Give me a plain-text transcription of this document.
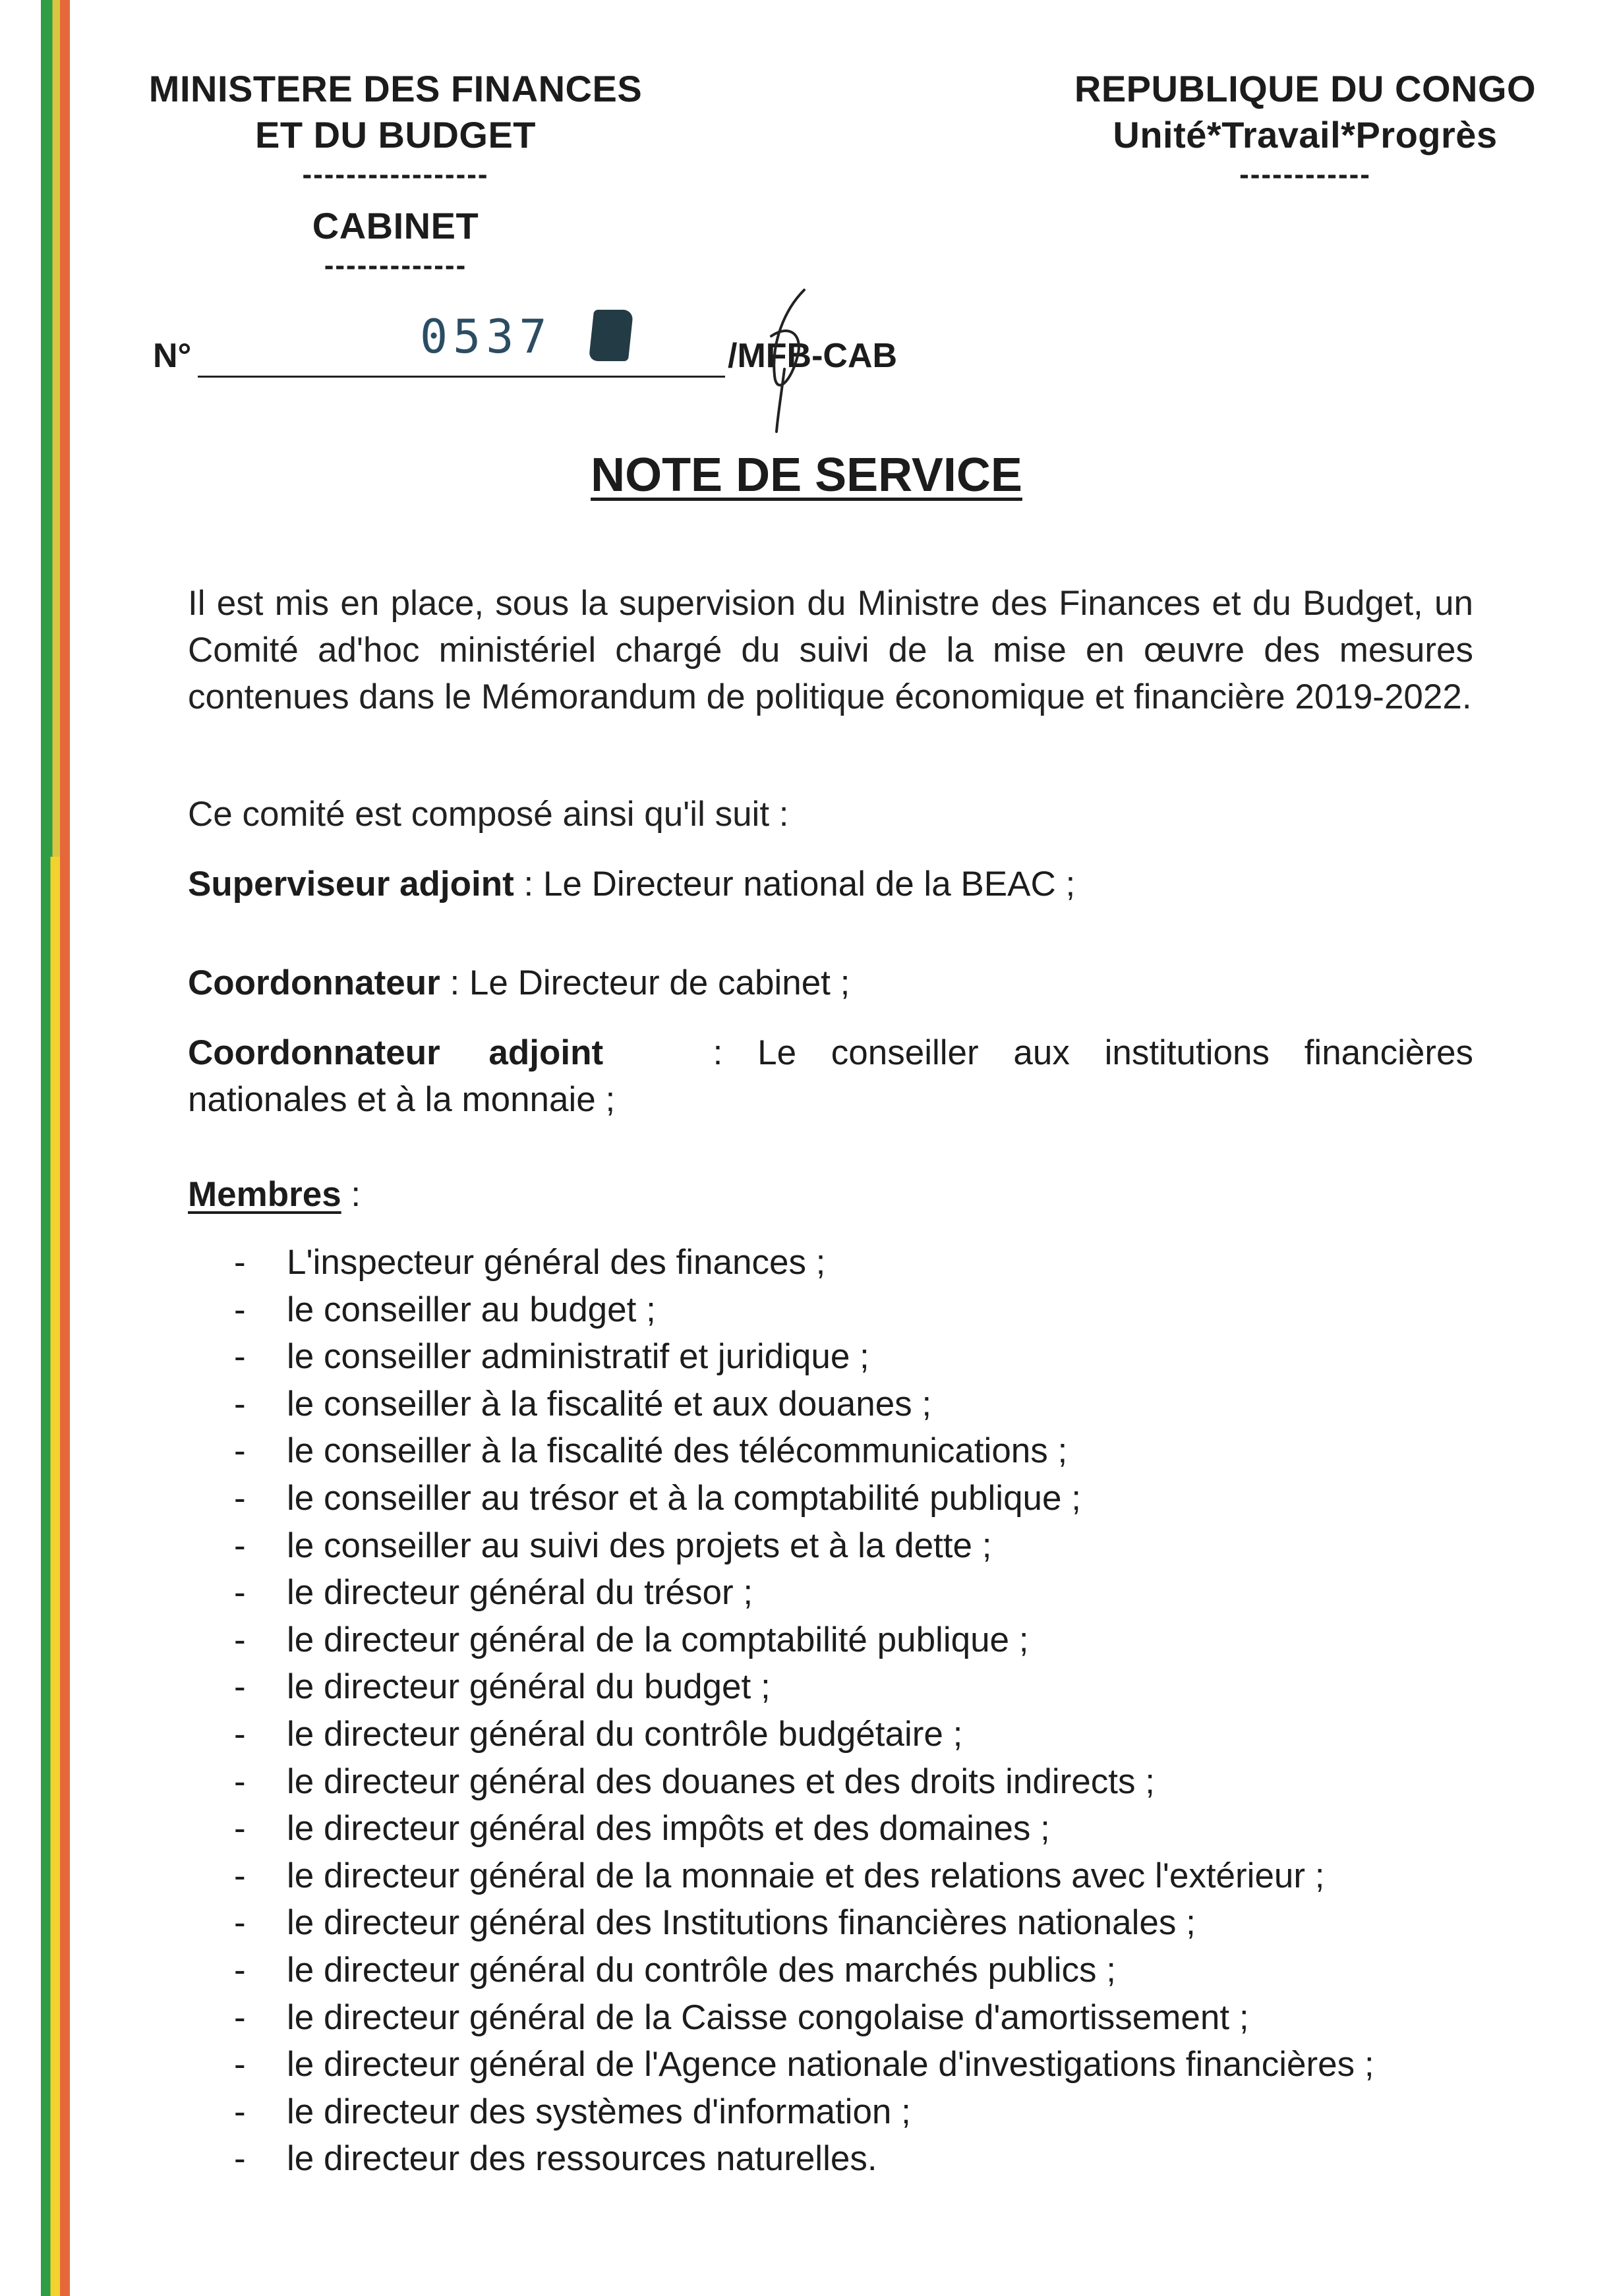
MINISTERE DES FINANCES
ET DU BUDGET
-----------------
CABINET
-------------
REPUBLIQUE DU CONGO
Unité*Travail*Progrès
------------
N°	0537	/MFB-CAB
NOTE DE SERVICE
Il est mis en place, sous la supervision du Ministre des Finances et du Budget, un Comité ad'hoc ministériel chargé du suivi de la mise en œuvre des mesures contenues dans le Mémorandum de politique économique et financière 2019-2022.
Ce comité est composé ainsi qu'il suit :
Superviseur adjoint : Le Directeur national de la BEAC ;
Coordonnateur : Le Directeur de cabinet ;
Coordonnateur adjoint	: Le conseiller aux institutions financières
nationales et à la monnaie ;
Membres :
- L'inspecteur général des finances ;
- le conseiller au budget ;
- le conseiller administratif et juridique ;
- le conseiller à la fiscalité et aux douanes ;
- le conseiller à la fiscalité des télécommunications ;
- le conseiller au trésor et à la comptabilité publique ;
- le conseiller au suivi des projets et à la dette ;
- le directeur général du trésor ;
- le directeur général de la comptabilité publique ;
- le directeur général du budget ;
- le directeur général du contrôle budgétaire ;
- le directeur général des douanes et des droits indirects ;
- le directeur général des impôts et des domaines ;
- le directeur général de la monnaie et des relations avec l'extérieur ;
- le directeur général des Institutions financières nationales ;
- le directeur général du contrôle des marchés publics ;
- le directeur général de la Caisse congolaise d'amortissement ;
- le directeur général de l'Agence nationale d'investigations financières ;
- le directeur des systèmes d'information ;
- le directeur des ressources naturelles.
